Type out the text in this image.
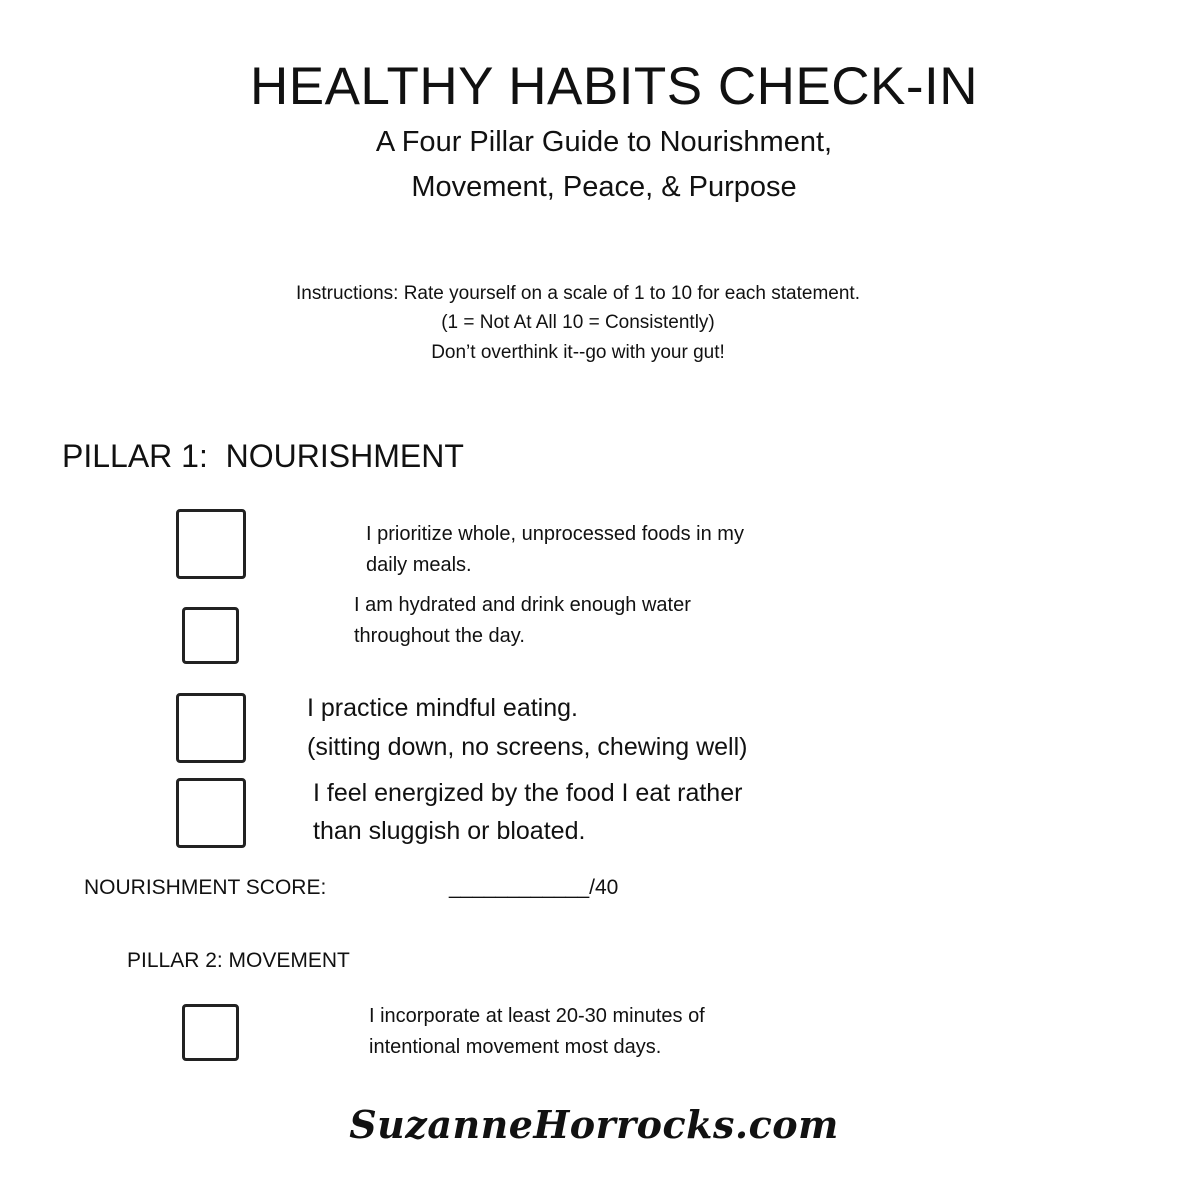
HEALTHY HABITS CHECK-IN
A Four Pillar Guide to Nourishment,
Movement, Peace, & Purpose
Instructions: Rate yourself on a scale of 1 to 10 for each statement.
(1 = Not At All 10 = Consistently)
Don’t overthink it--go with your gut!
PILLAR 1:  NOURISHMENT
I prioritize whole, unprocessed foods in my
daily meals.
I am hydrated and drink enough water
throughout the day.
I practice mindful eating.
(sitting down, no screens, chewing well)
I feel energized by the food I eat rather
than sluggish or bloated.
NOURISHMENT SCORE:	____________/40
PILLAR 2: MOVEMENT
I incorporate at least 20-30 minutes of
intentional movement most days.
SuzanneHorrocks.com
